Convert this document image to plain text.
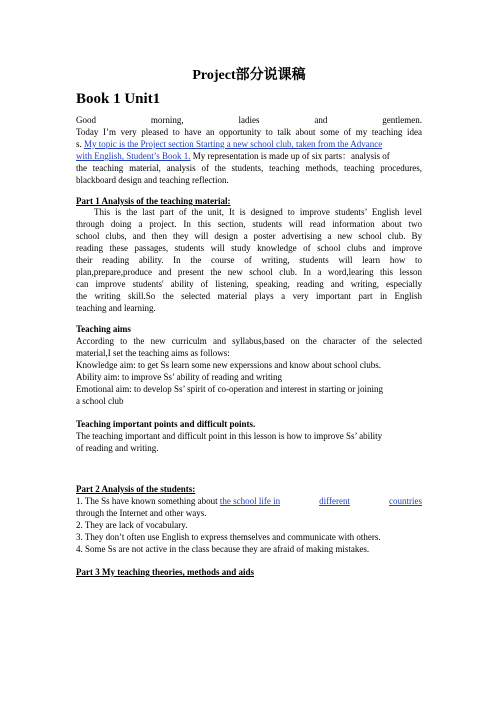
Project部分说课稿
Book 1 Unit1
Good	morning,	ladies	and	gentlemen.
Today I’m very pleased to have an opportunity to talk about some of my teaching idea
s. My topic is the Project section Starting a new school club, taken from the Advance
with English, Student’s Book 1. My representation is made up of six parts：analysis of
the teaching material, analysis of the students, teaching methods, teaching procedures,
blackboard design and teaching reflection.
Part 1 Analysis of the teaching material:
This is the last part of the unit, It is designed to improve students’ English level
through doing a project. In this section, students will read information about two
school clubs, and then they will design a poster advertising a new school club. By
reading these passages, students will study knowledge of school clubs and improve
their reading ability. In the course of writing, students will learn how to
plan,prepare,produce and present the new school club. In a word,learing this lesson
can improve students' ability of listening, speaking, reading and writing, especially
the writing skill.So the selected material plays a very important part in English
teaching and learning.
Teaching aims
According to the new curriculm and syllabus,based on the character of the selected
material,I set the teaching aims as follows:
Knowledge aim: to get Ss learn some new experssions and know about school clubs.
Ability aim: to improve Ss’ ability of reading and writing
Emotional aim: to develop Ss’ spirit of co-operation and interest in starting or joining
a school club
Teaching important points and difficult points.
The teaching important and difficult point in this lesson is how to improve Ss’ ability
of reading and writing.
Part 2 Analysis of the students:
1. The Ss have known something about the school life in	different	countries
through the Internet and other ways.
2. They are lack of vocabulary.
3. They don’t often use English to express themselves and communicate with others.
4. Some Ss are not active in the class because they are afraid of making mistakes.
Part 3 My teaching theories, methods and aids
